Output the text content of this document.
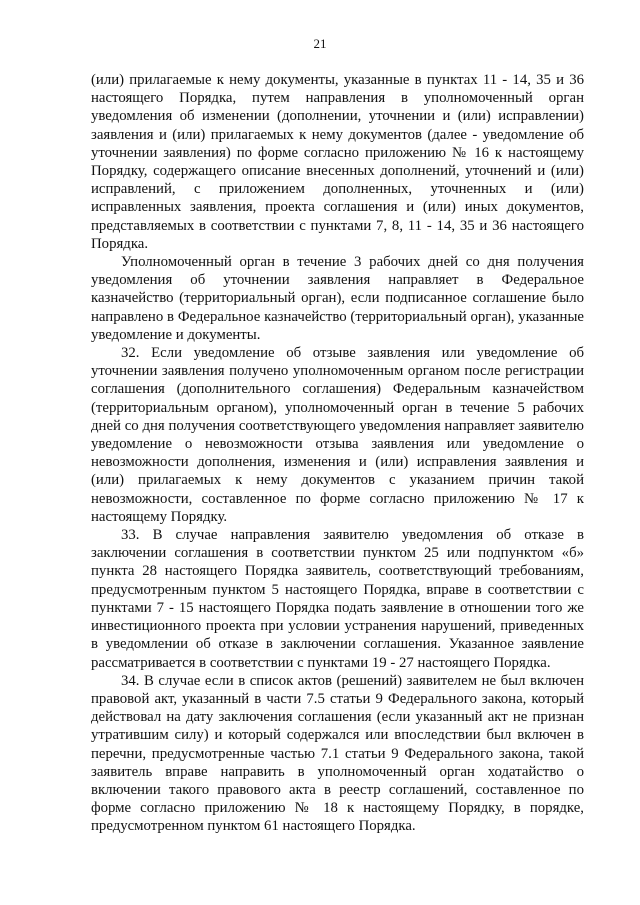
21

(или) прилагаемые к нему документы, указанные в пунктах 11 - 14, 35 и 36 настоящего Порядка, путем направления в уполномоченный орган уведомления об изменении (дополнении, уточнении и (или) исправлении) заявления и (или) прилагаемых к нему документов (далее - уведомление об уточнении заявления) по форме согласно приложению № 16 к настоящему Порядку, содержащего описание внесенных дополнений, уточнений и (или) исправлений, с приложением дополненных, уточненных и (или) исправленных заявления, проекта соглашения и (или) иных документов, представляемых в соответствии с пунктами 7, 8, 11 - 14, 35 и 36 настоящего Порядка.

Уполномоченный орган в течение 3 рабочих дней со дня получения уведомления об уточнении заявления направляет в Федеральное казначейство (территориальный орган), если подписанное соглашение было направлено в Федеральное казначейство (территориальный орган), указанные уведомление и документы.

32. Если уведомление об отзыве заявления или уведомление об уточнении заявления получено уполномоченным органом после регистрации соглашения (дополнительного соглашения) Федеральным казначейством (территориальным органом), уполномоченный орган в течение 5 рабочих дней со дня получения соответствующего уведомления направляет заявителю уведомление о невозможности отзыва заявления или уведомление о невозможности дополнения, изменения и (или) исправления заявления и (или) прилагаемых к нему документов с указанием причин такой невозможности, составленное по форме согласно приложению № 17 к настоящему Порядку.

33. В случае направления заявителю уведомления об отказе в заключении соглашения в соответствии пунктом 25 или подпунктом «б» пункта 28 настоящего Порядка заявитель, соответствующий требованиям, предусмотренным пунктом 5 настоящего Порядка, вправе в соответствии с пунктами 7 - 15 настоящего Порядка подать заявление в отношении того же инвестиционного проекта при условии устранения нарушений, приведенных в уведомлении об отказе в заключении соглашения. Указанное заявление рассматривается в соответствии с пунктами 19 - 27 настоящего Порядка.

34. В случае если в список актов (решений) заявителем не был включен правовой акт, указанный в части 7.5 статьи 9 Федерального закона, который действовал на дату заключения соглашения (если указанный акт не признан утратившим силу) и который содержался или впоследствии был включен в перечни, предусмотренные частью 7.1 статьи 9 Федерального закона, такой заявитель вправе направить в уполномоченный орган ходатайство о включении такого правового акта в реестр соглашений, составленное по форме согласно приложению № 18 к настоящему Порядку, в порядке, предусмотренном пунктом 61 настоящего Порядка.
